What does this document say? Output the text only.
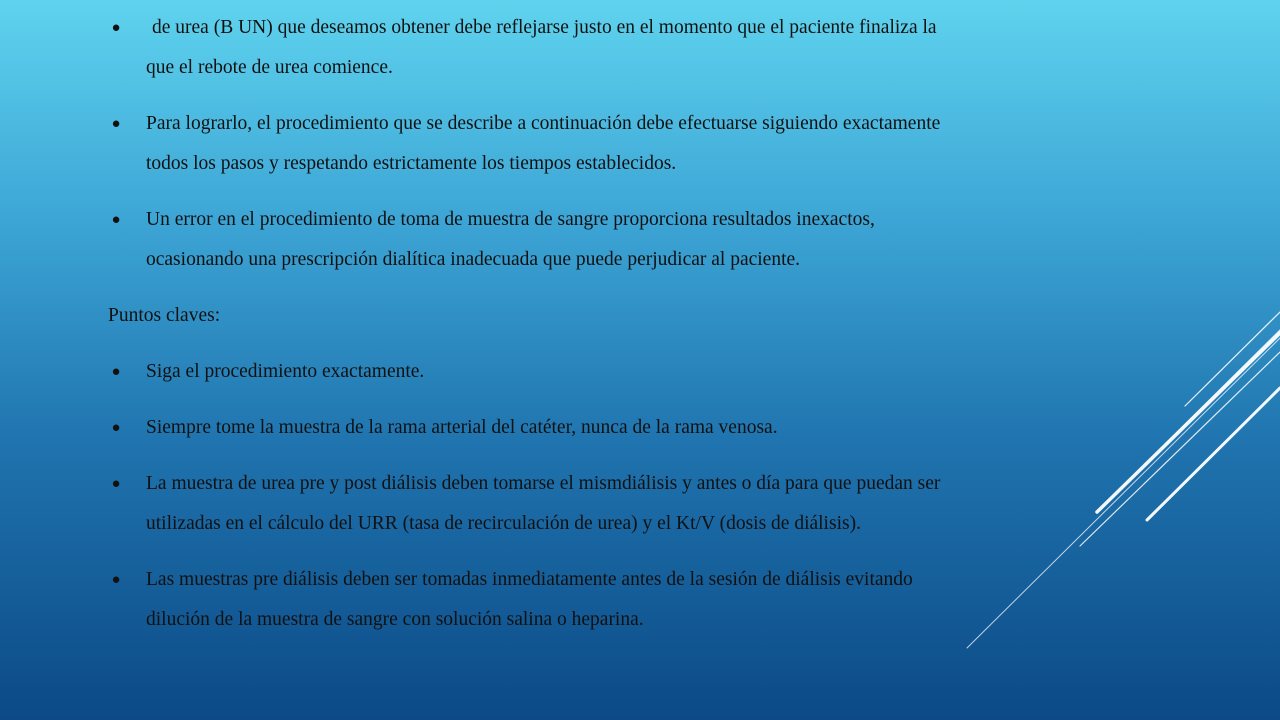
●	de urea (B UN) que deseamos obtener debe reflejarse justo en el momento que el paciente finaliza la
que el rebote de urea comience.
● Para lograrlo, el procedimiento que se describe a continuación debe efectuarse siguiendo exactamente
todos los pasos y respetando estrictamente los tiempos establecidos.
● Un error en el procedimiento de toma de muestra de sangre proporciona resultados inexactos,
ocasionando una prescripción dialítica inadecuada que puede perjudicar al paciente.
Puntos claves:
● Siga el procedimiento exactamente.
● Siempre tome la muestra de la rama arterial del catéter, nunca de la rama venosa.
● La muestra de urea pre y post diálisis deben tomarse el mismdiálisis y antes o día para que puedan ser
utilizadas en el cálculo del URR (tasa de recirculación de urea) y el Kt/V (dosis de diálisis).
● Las muestras pre diálisis deben ser tomadas inmediatamente antes de la sesión de diálisis evitando
dilución de la muestra de sangre con solución salina o heparina.
